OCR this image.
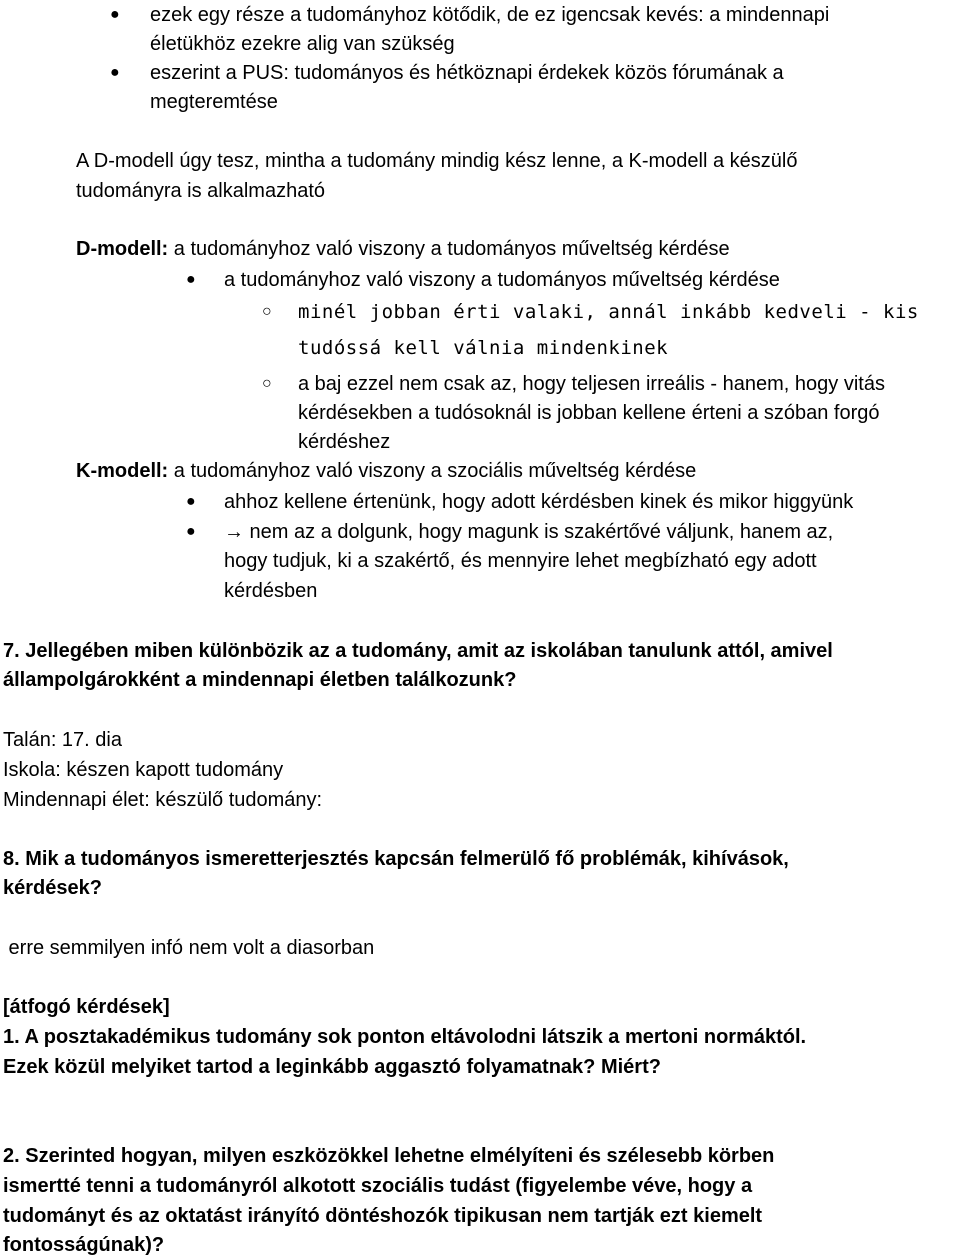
● ezek egy része a tudományhoz kötődik, de ez igencsak kevés: a mindennapi
életükhöz ezekre alig van szükség
● eszerint a PUS: tudományos és hétköznapi érdekek közös fórumának a
megteremtése
A D-modell úgy tesz, mintha a tudomány mindig kész lenne, a K-modell a készülő
tudományra is alkalmazható
D-modell: a tudományhoz való viszony a tudományos műveltség kérdése
● a tudományhoz való viszony a tudományos műveltség kérdése
○ minél jobban érti valaki, annál inkább kedveli - kis
tudóssá kell válnia mindenkinek
○ a baj ezzel nem csak az, hogy teljesen irreális - hanem, hogy vitás
kérdésekben a tudósoknál is jobban kellene érteni a szóban forgó
kérdéshez
K-modell: a tudományhoz való viszony a szociális műveltség kérdése
● ahhoz kellene értenünk, hogy adott kérdésben kinek és mikor higgyünk
● → nem az a dolgunk, hogy magunk is szakértővé váljunk, hanem az,
hogy tudjuk, ki a szakértő, és mennyire lehet megbízható egy adott
kérdésben
7. Jellegében miben különbözik az a tudomány, amit az iskolában tanulunk attól, amivel
állampolgárokként a mindennapi életben találkozunk?
Talán: 17. dia
Iskola: készen kapott tudomány
Mindennapi élet: készülő tudomány:
8. Mik a tudományos ismeretterjesztés kapcsán felmerülő fő problémák, kihívások,
kérdések?
erre semmilyen infó nem volt a diasorban
[átfogó kérdések]
1. A posztakadémikus tudomány sok ponton eltávolodni látszik a mertoni normáktól.
Ezek közül melyiket tartod a leginkább aggasztó folyamatnak? Miért?
2. Szerinted hogyan, milyen eszközökkel lehetne elmélyíteni és szélesebb körben
ismertté tenni a tudományról alkotott szociális tudást (figyelembe véve, hogy a
tudományt és az oktatást irányító döntéshozók tipikusan nem tartják ezt kiemelt
fontosságúnak)?
